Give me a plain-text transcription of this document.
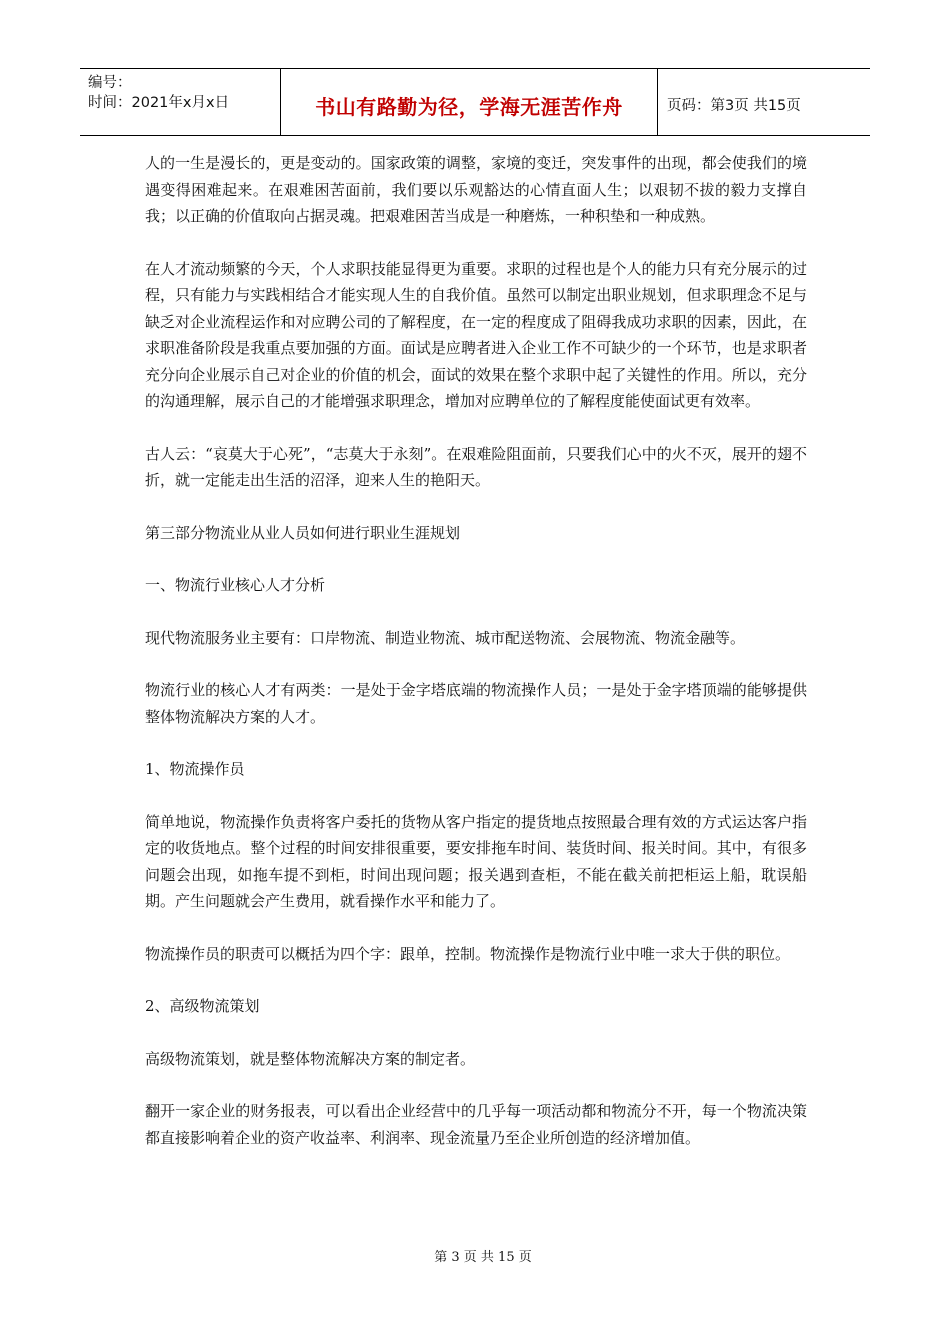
编号：
时间：2021年x月x日	书山有路勤为径，学海无涯苦作舟	页码：第3页 共15页

人的一生是漫长的，更是变动的。国家政策的调整，家境的变迁，突发事件的出现，都会使我们的境遇变得困难起来。在艰难困苦面前，我们要以乐观豁达的心情直面人生；以艰韧不拔的毅力支撑自我；以正确的价值取向占据灵魂。把艰难困苦当成是一种磨炼，一种积垫和一种成熟。

在人才流动频繁的今天，个人求职技能显得更为重要。求职的过程也是个人的能力只有充分展示的过程，只有能力与实践相结合才能实现人生的自我价值。虽然可以制定出职业规划，但求职理念不足与缺乏对企业流程运作和对应聘公司的了解程度，在一定的程度成了阻碍我成功求职的因素，因此，在求职准备阶段是我重点要加强的方面。面试是应聘者进入企业工作不可缺少的一个环节，也是求职者充分向企业展示自己对企业的价值的机会，面试的效果在整个求职中起了关键性的作用。所以，充分的沟通理解，展示自己的才能增强求职理念，增加对应聘单位的了解程度能使面试更有效率。

古人云：“哀莫大于心死”，“志莫大于永刻”。在艰难险阻面前，只要我们心中的火不灭，展开的翅不折，就一定能走出生活的沼泽，迎来人生的艳阳天。

第三部分物流业从业人员如何进行职业生涯规划

一、物流行业核心人才分析

现代物流服务业主要有：口岸物流、制造业物流、城市配送物流、会展物流、物流金融等。

物流行业的核心人才有两类：一是处于金字塔底端的物流操作人员；一是处于金字塔顶端的能够提供整体物流解决方案的人才。

1、物流操作员

简单地说，物流操作负责将客户委托的货物从客户指定的提货地点按照最合理有效的方式运达客户指定的收货地点。整个过程的时间安排很重要，要安排拖车时间、装货时间、报关时间。其中，有很多问题会出现，如拖车提不到柜，时间出现问题；报关遇到查柜，不能在截关前把柜运上船，耽误船期。产生问题就会产生费用，就看操作水平和能力了。

物流操作员的职责可以概括为四个字：跟单，控制。物流操作是物流行业中唯一求大于供的职位。

2、高级物流策划

高级物流策划，就是整体物流解决方案的制定者。

翻开一家企业的财务报表，可以看出企业经营中的几乎每一项活动都和物流分不开，每一个物流决策都直接影响着企业的资产收益率、利润率、现金流量乃至企业所创造的经济增加值。

第 3 页 共 15 页
